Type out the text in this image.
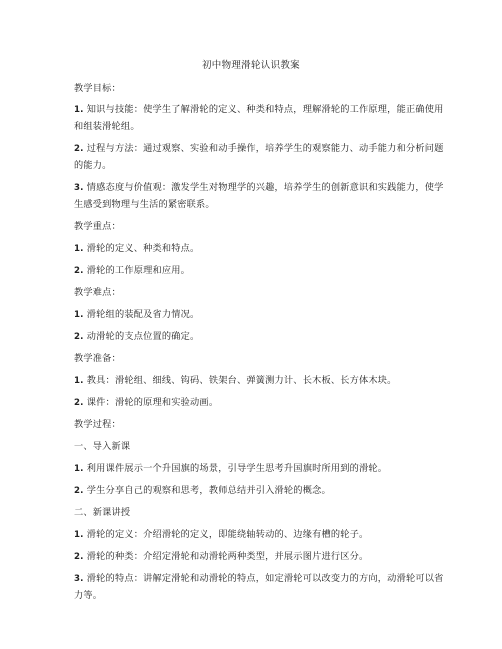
初中物理滑轮认识教案
教学目标：
1. 知识与技能：使学生了解滑轮的定义、种类和特点，理解滑轮的工作原理，能正确使用
和组装滑轮组。
2. 过程与方法：通过观察、实验和动手操作，培养学生的观察能力、动手能力和分析问题
的能力。
3. 情感态度与价值观：激发学生对物理学的兴趣，培养学生的创新意识和实践能力，使学
生感受到物理与生活的紧密联系。
教学重点：
1. 滑轮的定义、种类和特点。
2. 滑轮的工作原理和应用。
教学难点：
1. 滑轮组的装配及省力情况。
2. 动滑轮的支点位置的确定。
教学准备：
1. 教具：滑轮组、细线、钩码、铁架台、弹簧测力计、长木板、长方体木块。
2. 课件：滑轮的原理和实验动画。
教学过程：
一、导入新课
1. 利用课件展示一个升国旗的场景，引导学生思考升国旗时所用到的滑轮。
2. 学生分享自己的观察和思考，教师总结并引入滑轮的概念。
二、新课讲授
1. 滑轮的定义：介绍滑轮的定义，即能绕轴转动的、边缘有槽的轮子。
2. 滑轮的种类：介绍定滑轮和动滑轮两种类型，并展示图片进行区分。
3. 滑轮的特点：讲解定滑轮和动滑轮的特点，如定滑轮可以改变力的方向，动滑轮可以省
力等。
